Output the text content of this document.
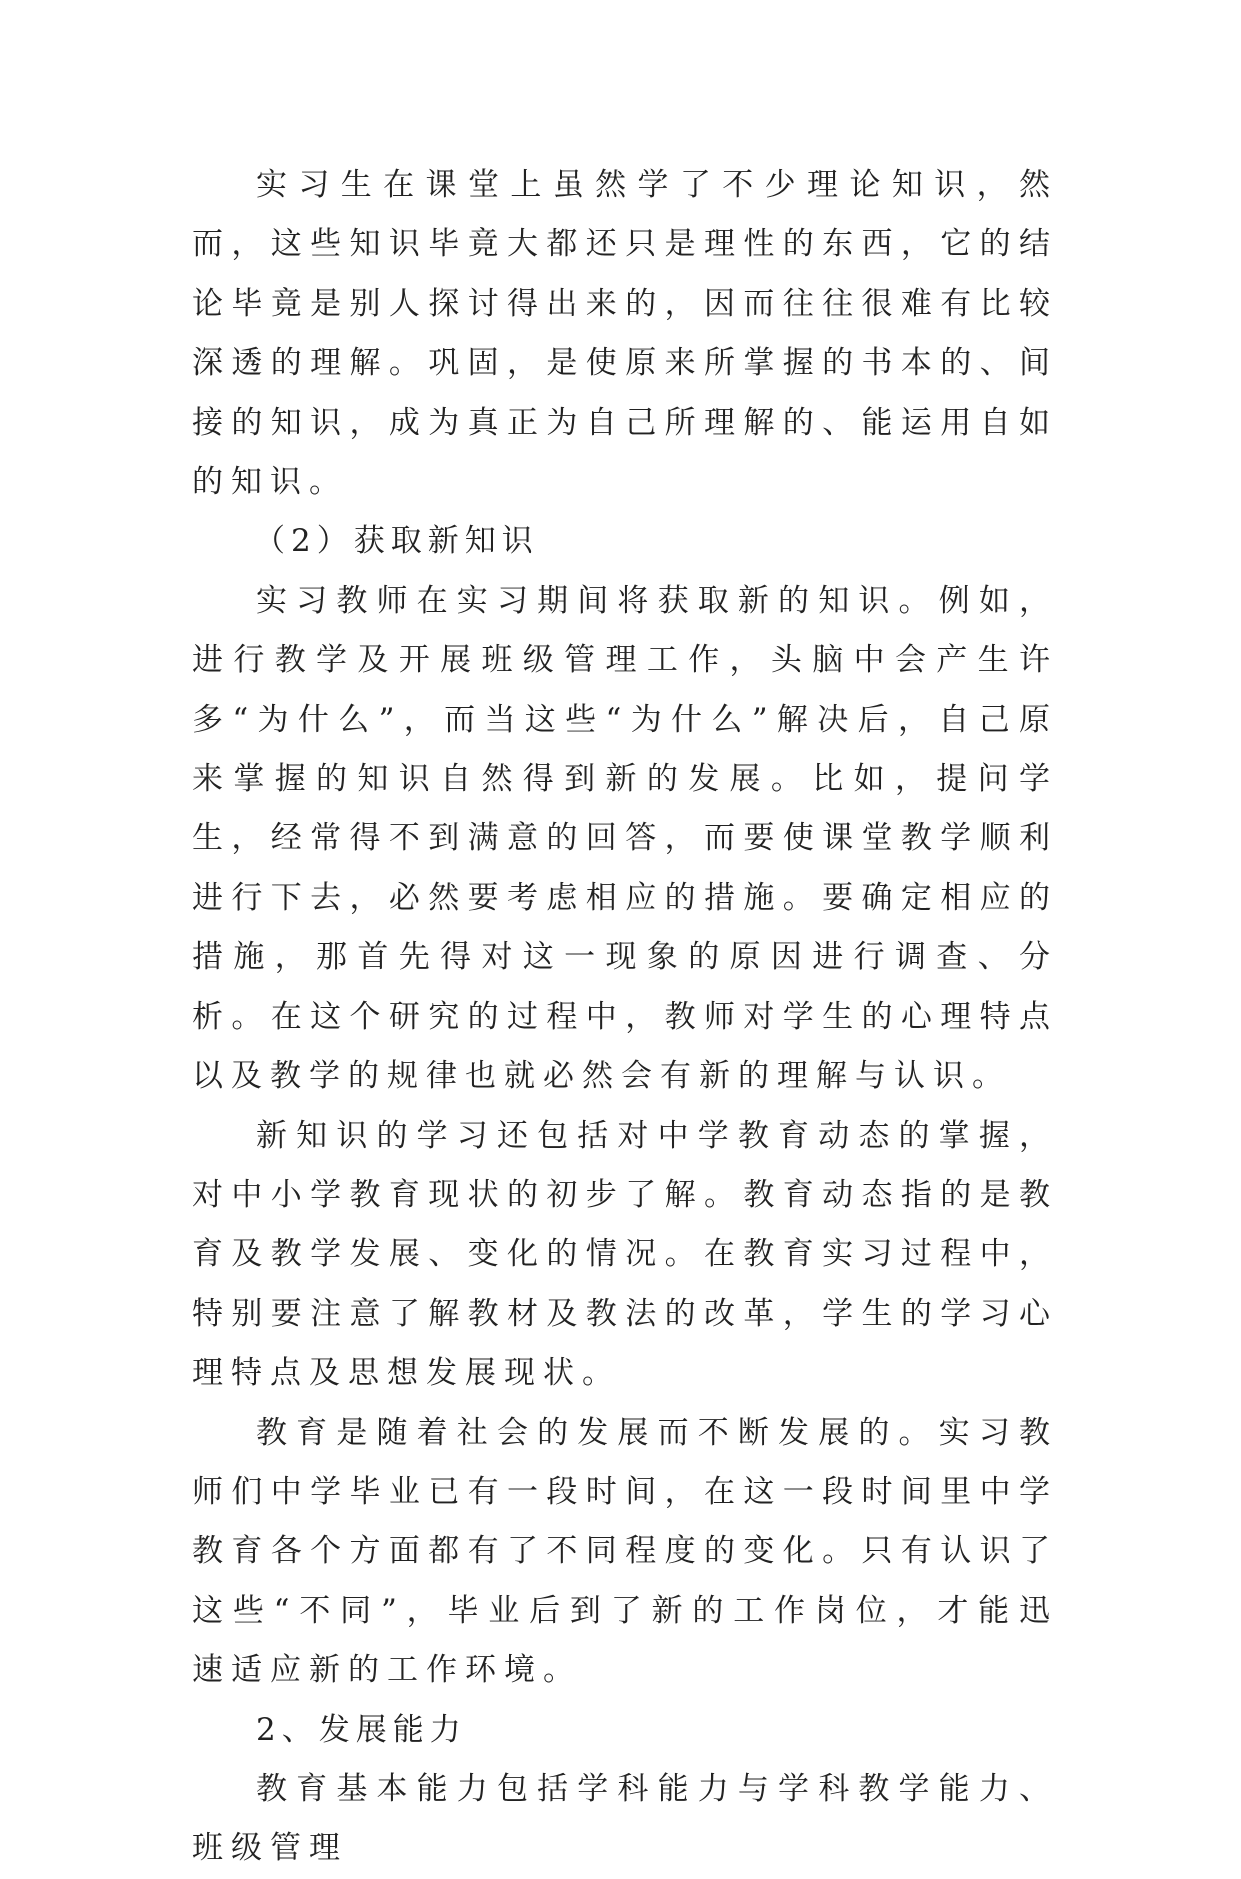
实习生在课堂上虽然学了不少理论知识，然而，这些知识毕竟大都还只是理性的东西，它的结论毕竟是别人探讨得出来的，因而往往很难有比较深透的理解。巩固，是使原来所掌握的书本的、间接的知识，成为真正为自己所理解的、能运用自如的知识。

（2）获取新知识

实习教师在实习期间将获取新的知识。例如，进行教学及开展班级管理工作，头脑中会产生许多“为什么”，而当这些“为什么”解决后，自己原来掌握的知识自然得到新的发展。比如，提问学生，经常得不到满意的回答，而要使课堂教学顺利进行下去，必然要考虑相应的措施。要确定相应的措施，那首先得对这一现象的原因进行调查、分析。在这个研究的过程中，教师对学生的心理特点以及教学的规律也就必然会有新的理解与认识。

新知识的学习还包括对中学教育动态的掌握，对中小学教育现状的初步了解。教育动态指的是教育及教学发展、变化的情况。在教育实习过程中，特别要注意了解教材及教法的改革，学生的学习心理特点及思想发展现状。

教育是随着社会的发展而不断发展的。实习教师们中学毕业已有一段时间，在这一段时间里中学教育各个方面都有了不同程度的变化。只有认识了这些“不同”，毕业后到了新的工作岗位，才能迅速适应新的工作环境。

2、发展能力

教育基本能力包括学科能力与学科教学能力、班级管理
